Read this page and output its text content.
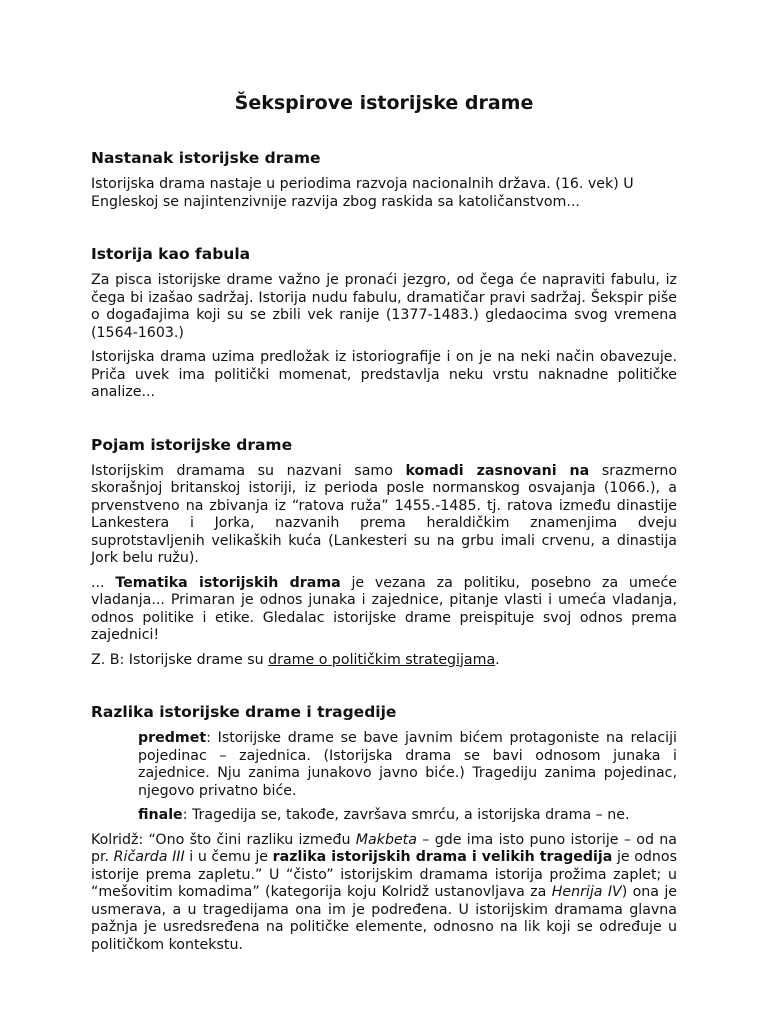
Šekspirove istorijske drame
Nastanak istorijske drame

Istorijska drama nastaje u periodima razvoja nacionalnih država. (16. vek) U Engleskoj se najintenzivnije razvija zbog raskida sa katoličanstvom...

Istorija kao fabula

Za pisca istorijske drame važno je pronaći jezgro, od čega će napraviti fabulu, iz čega bi izašao sadržaj. Istorija nudu fabulu, dramatičar pravi sadržaj. Šekspir piše o događajima koji su se zbili vek ranije (1377-1483.) gledaocima svog vremena (1564-1603.)

Istorijska drama uzima predložak iz istoriografije i on je na neki način obavezuje. Priča uvek ima politički momenat, predstavlja neku vrstu naknadne političke analize...

Pojam istorijske drame

Istorijskim dramama su nazvani samo komadi zasnovani na srazmerno skorašnjoj britanskoj istoriji, iz perioda posle normanskog osvajanja (1066.), a prvenstveno na zbivanja iz “ratova ruža” 1455.-1485. tj. ratova između dinastije Lankestera i Jorka, nazvanih prema heraldičkim znamenjima dveju suprotstavljenih velikaških kuća (Lankesteri su na grbu imali crvenu, a dinastija Jork belu ružu).

... Tematika istorijskih drama je vezana za politiku, posebno za umeće vladanja... Primaran je odnos junaka i zajednice, pitanje vlasti i umeća vladanja, odnos politike i etike. Gledalac istorijske drame preispituje svoj odnos prema zajednici!

Z. B: Istorijske drame su drame o političkim strategijama.

Razlika istorijske drame i tragedije

predmet: Istorijske drame se bave javnim bićem protagoniste na relaciji pojedinac – zajednica. (Istorijska drama se bavi odnosom junaka i zajednice. Nju zanima junakovo javno biće.) Tragediju zanima pojedinac, njegovo privatno biće.

finale: Tragedija se, takođe, završava smrću, a istorijska drama – ne.

Kolridž: “Ono što čini razliku između Makbeta – gde ima isto puno istorije – od na pr. Ričarda III i u čemu je razlika istorijskih drama i velikih tragedija je odnos istorije prema zapletu.” U “čisto” istorijskim dramama istorija prožima zaplet; u “mešovitim komadima” (kategorija koju Kolridž ustanovljava za Henrija IV) ona je usmerava, a u tragedijama ona im je podređena. U istorijskim dramama glavna pažnja je usredsređena na političke elemente, odnosno na lik koji se određuje u političkom kontekstu.
